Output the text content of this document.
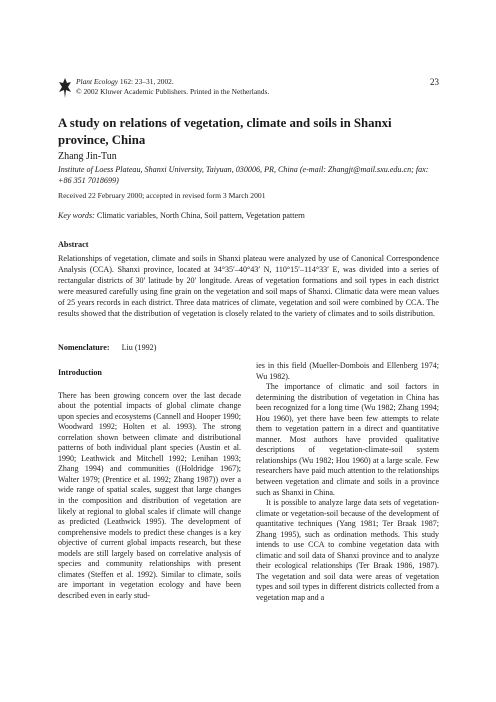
Plant Ecology 162: 23–31, 2002.
© 2002 Kluwer Academic Publishers. Printed in the Netherlands.
23
A study on relations of vegetation, climate and soils in Shanxi province, China
Zhang Jin-Tun
Institute of Loess Plateau, Shanxi University, Taiyuan, 030006, PR, China (e-mail: Zhangjt@mail.sxu.edu.cn; fax: +86 351 7018699)
Received 22 February 2000; accepted in revised form 3 March 2001
Key words: Climatic variables, North China, Soil pattern, Vegetation pattern
Abstract

Relationships of vegetation, climate and soils in Shanxi plateau were analyzed by use of Canonical Correspondence Analysis (CCA). Shanxi province, located at 34°35′–40°43′ N, 110°15′–114°33′ E, was divided into a series of rectangular districts of 30′ latitude by 20′ longitude. Areas of vegetation formations and soil types in each district were measured carefully using fine grain on the vegetation and soil maps of Shanxi. Climatic data were mean values of 25 years records in each district. Three data matrices of climate, vegetation and soil were combined by CCA. The results showed that the distribution of vegetation is closely related to the variety of climates and to soils distribution.

Nomenclature: Liu (1992)
Introduction

There has been growing concern over the last decade about the potential impacts of global climate change upon species and ecosystems (Cannell and Hooper 1990; Woodward 1992; Holten et al. 1993). The strong correlation shown between climate and distributional patterns of both individual plant species (Austin et al. 1990; Leathwick and Mitchell 1992; Lenihan 1993; Zhang 1994) and communities ((Holdridge 1967); Walter 1979; (Prentice et al. 1992; Zhang 1987)) over a wide range of spatial scales, suggest that large changes in the composition and distribution of vegetation are likely at regional to global scales if climate will change as predicted (Leathwick 1995). The development of comprehensive models to predict these changes is a key objective of current global impacts research, but these models are still largely based on correlative analysis of species and community relationships with present climates (Steffen et al. 1992). Similar to climate, soils are important in vegetation ecology and have been described even in early stud-

ies in this field (Mueller-Dombois and Ellenberg 1974; Wu 1982).

The importance of climatic and soil factors in determining the distribution of vegetation in China has been recognized for a long time (Wu 1982; Zhang 1994; Hou 1960), yet there have been few attempts to relate them to vegetation pattern in a direct and quantitative manner. Most authors have provided qualitative descriptions of vegetation-climate-soil system relationships (Wu 1982; Hou 1960) at a large scale. Few researchers have paid much attention to the relationships between vegetation and climate and soils in a province such as Shanxi in China.

It is possible to analyze large data sets of vegetation-climate or vegetation-soil because of the development of quantitative techniques (Yang 1981; Ter Braak 1987; Zhang 1995), such as ordination methods. This study intends to use CCA to combine vegetation data with climatic and soil data of Shanxi province and to analyze their ecological relationships (Ter Braak 1986, 1987). The vegetation and soil data were areas of vegetation types and soil types in different districts collected from a vegetation map and a
